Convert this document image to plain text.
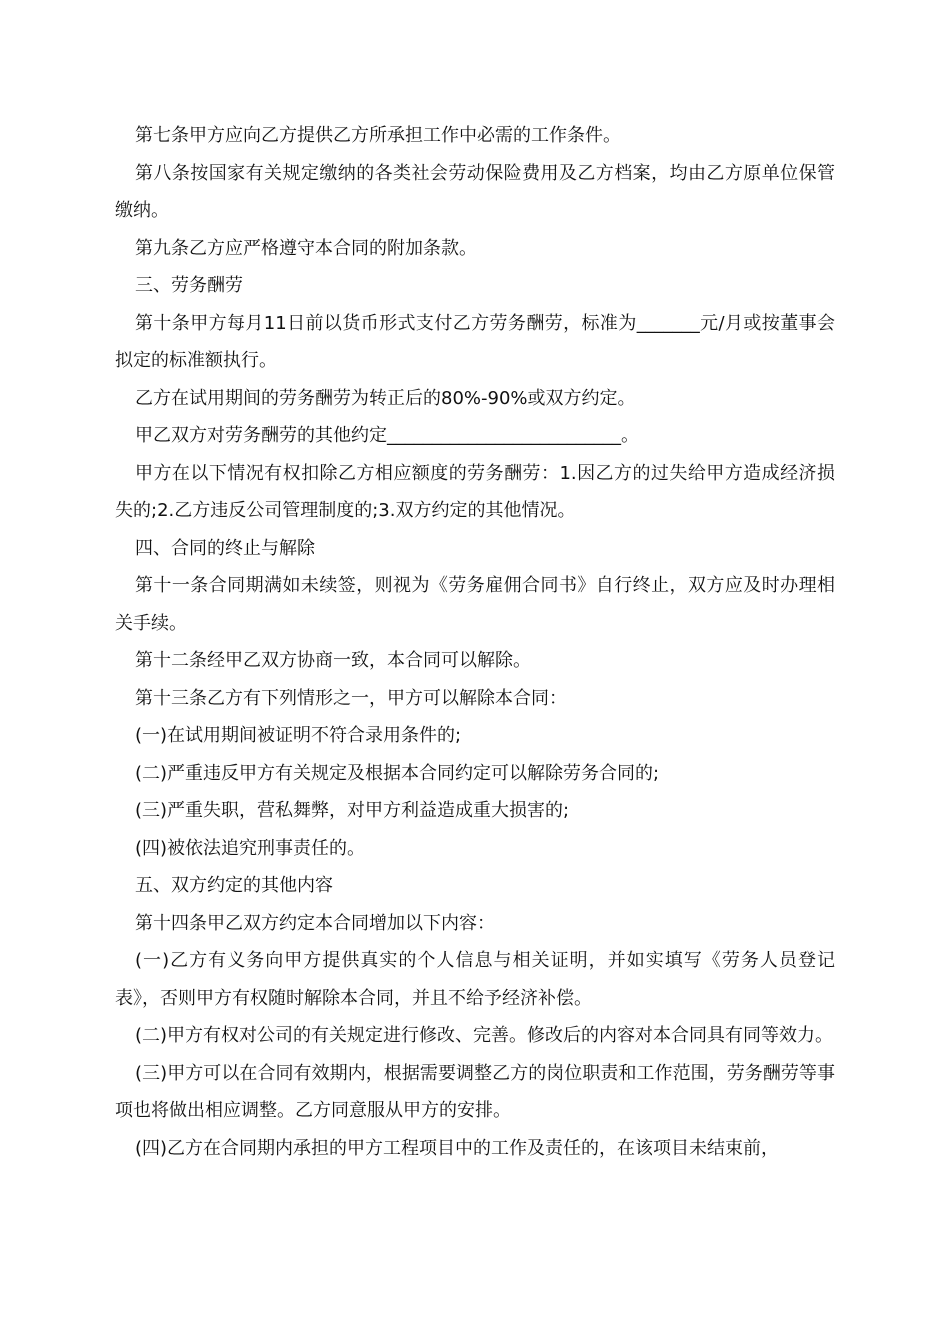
第七条甲方应向乙方提供乙方所承担工作中必需的工作条件。

第八条按国家有关规定缴纳的各类社会劳动保险费用及乙方档案，均由乙方原单位保管缴纳。

第九条乙方应严格遵守本合同的附加条款。

三、劳务酬劳

第十条甲方每月11日前以货币形式支付乙方劳务酬劳，标准为_______元/月或按董事会拟定的标准额执行。

乙方在试用期间的劳务酬劳为转正后的80%-90%或双方约定。

甲乙双方对劳务酬劳的其他约定__________________________。

甲方在以下情况有权扣除乙方相应额度的劳务酬劳：1.因乙方的过失给甲方造成经济损失的;2.乙方违反公司管理制度的;3.双方约定的其他情况。

四、合同的终止与解除

第十一条合同期满如未续签，则视为《劳务雇佣合同书》自行终止，双方应及时办理相关手续。

第十二条经甲乙双方协商一致，本合同可以解除。

第十三条乙方有下列情形之一，甲方可以解除本合同：

(一)在试用期间被证明不符合录用条件的;

(二)严重违反甲方有关规定及根据本合同约定可以解除劳务合同的;

(三)严重失职，营私舞弊，对甲方利益造成重大损害的;

(四)被依法追究刑事责任的。

五、双方约定的其他内容

第十四条甲乙双方约定本合同增加以下内容：

(一)乙方有义务向甲方提供真实的个人信息与相关证明，并如实填写《劳务人员登记表》，否则甲方有权随时解除本合同，并且不给予经济补偿。

(二)甲方有权对公司的有关规定进行修改、完善。修改后的内容对本合同具有同等效力。

(三)甲方可以在合同有效期内，根据需要调整乙方的岗位职责和工作范围，劳务酬劳等事项也将做出相应调整。乙方同意服从甲方的安排。

(四)乙方在合同期内承担的甲方工程项目中的工作及责任的，在该项目未结束前，
